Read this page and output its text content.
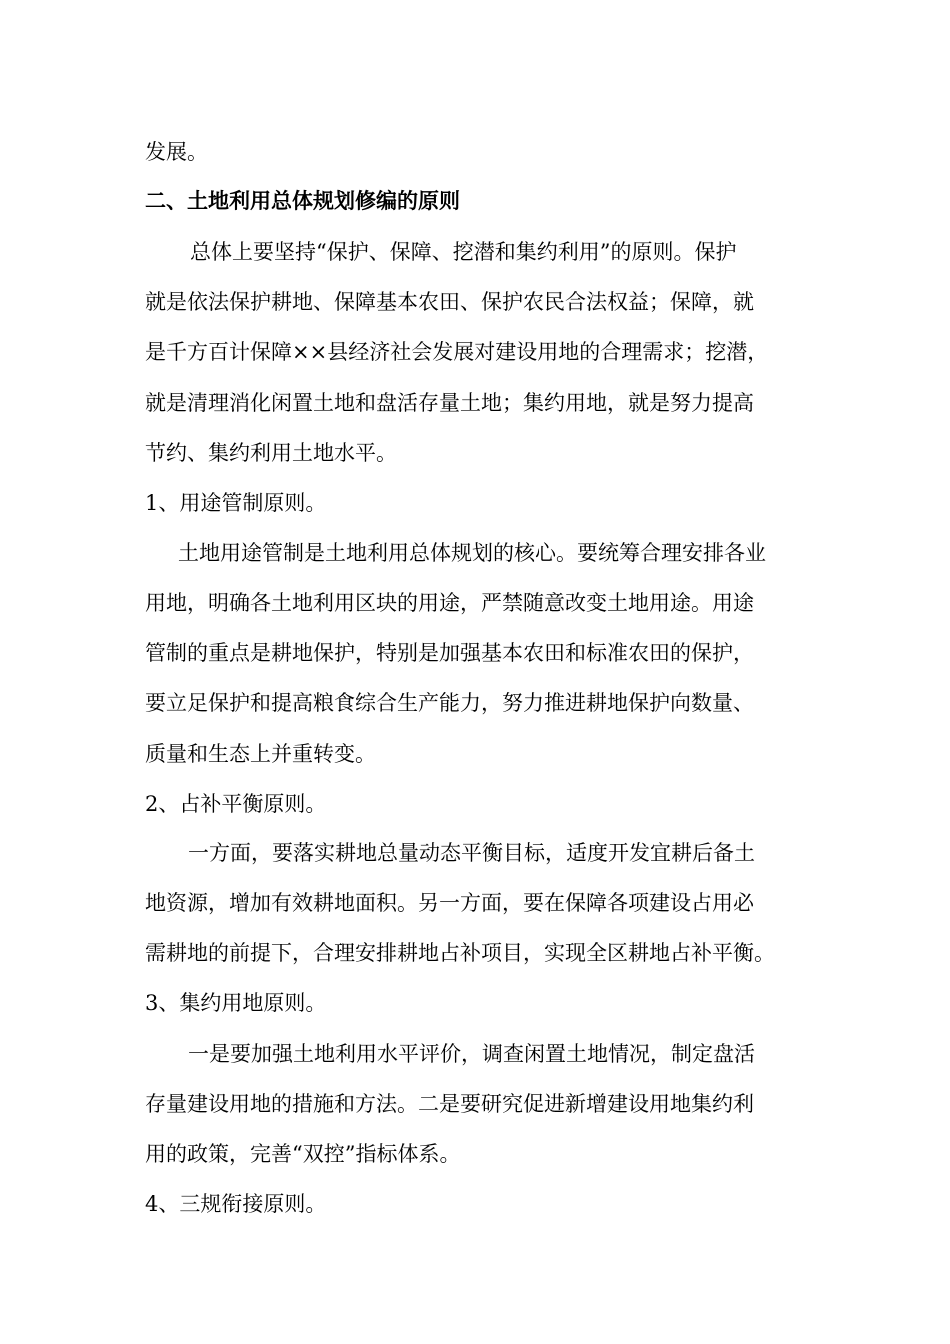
发展。
二、土地利用总体规划修编的原则
总体上要坚持“保护、保障、挖潜和集约利用”的原则。保护
就是依法保护耕地、保障基本农田、保护农民合法权益；保障，就
是千方百计保障××县经济社会发展对建设用地的合理需求；挖潜，
就是清理消化闲置土地和盘活存量土地；集约用地，就是努力提高
节约、集约利用土地水平。
1、用途管制原则。
土地用途管制是土地利用总体规划的核心。要统筹合理安排各业
用地，明确各土地利用区块的用途，严禁随意改变土地用途。用途
管制的重点是耕地保护，特别是加强基本农田和标准农田的保护，
要立足保护和提高粮食综合生产能力，努力推进耕地保护向数量、
质量和生态上并重转变。
2、占补平衡原则。
一方面，要落实耕地总量动态平衡目标，适度开发宜耕后备土
地资源，增加有效耕地面积。另一方面，要在保障各项建设占用必
需耕地的前提下，合理安排耕地占补项目，实现全区耕地占补平衡。
3、集约用地原则。
一是要加强土地利用水平评价，调查闲置土地情况，制定盘活
存量建设用地的措施和方法。二是要研究促进新增建设用地集约利
用的政策，完善“双控”指标体系。
4、三规衔接原则。
